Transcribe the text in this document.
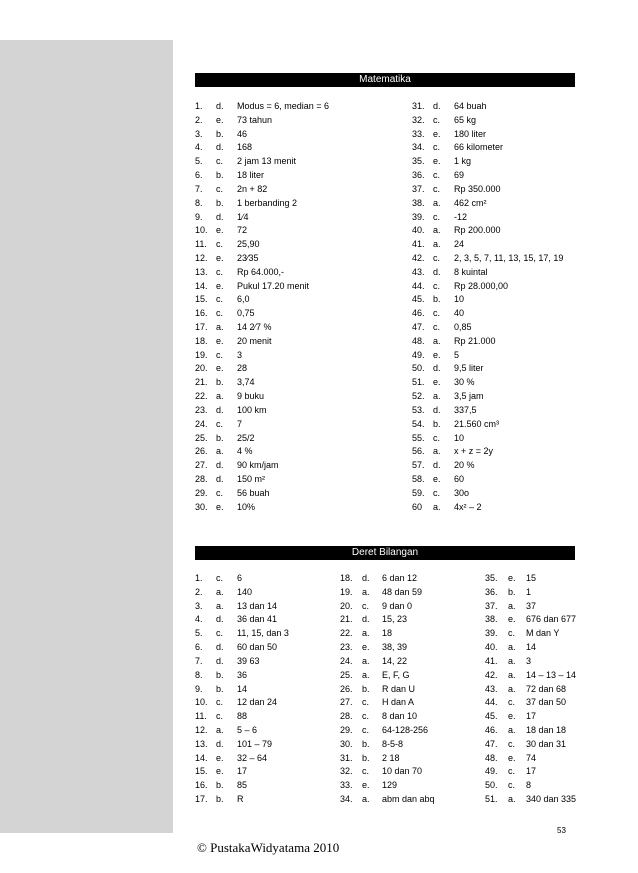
Matematika
1. d. Modus = 6, median = 6
2. e. 73 tahun
3. b. 46
4. d. 168
5. c. 2 jam 13 menit
6. b. 18 liter
7. c. 2n + 82
8. b. 1 berbanding 2
9. d. 1⁄4
10. e. 72
11. c. 25,90
12. e. 23⁄35
13. c. Rp 64.000,-
14. e. Pukul 17.20 menit
15. c. 6,0
16. c. 0,75
17. a. 14 2⁄7 %
18. e. 20 menit
19. c. 3
20. e. 28
21. b. 3,74
22. a. 9 buku
23. d. 100 km
24. c. 7
25. b. 25/2
26. a. 4 %
27. d. 90 km/jam
28. d. 150 m²
29. c. 56 buah
30. e. 10%
31. d. 64 buah
32. c. 65 kg
33. e. 180 liter
34. c. 66 kilometer
35. e. 1 kg
36. c. 69
37. c. Rp 350.000
38. a. 462 cm²
39. c. -12
40. a. Rp 200.000
41. a. 24
42. c. 2, 3, 5, 7, 11, 13, 15, 17, 19
43. d. 8 kuintal
44. c. Rp 28.000,00
45. b. 10
46. c. 40
47. c. 0,85
48. a. Rp 21.000
49. e. 5
50. d. 9,5 liter
51. e. 30 %
52. a. 3,5 jam
53. d. 337,5
54. b. 21.560 cm³
55. c. 10
56. a. x + z = 2y
57. d. 20 %
58. e. 60
59. c. 30o
60 a. 4x² – 2
Deret Bilangan
1. c. 6
2. a. 140
3. a. 13 dan 14
4. d. 36 dan 41
5. c. 11, 15, dan 3
6. d. 60 dan 50
7. d. 39 63
8. b. 36
9. b. 14
10. c. 12 dan 24
11. c. 88
12. a. 5 – 6
13. d. 101 – 79
14. e. 32 – 64
15. e. 17
16. b. 85
17. b. R
18. d. 6 dan 12
19. a. 48 dan 59
20. c. 9 dan 0
21. d. 15, 23
22. a. 18
23. e. 38, 39
24. a. 14, 22
25. a. E, F, G
26. b. R dan U
27. c. H dan A
28. c. 8 dan 10
29. c. 64-128-256
30. b. 8-5-8
31. b. 2 18
32. c. 10 dan 70
33. e. 129
34. a. abm dan abq
35. e. 15
36. b. 1
37. a. 37
38. e. 676 dan 677
39. c. M dan Y
40. a. 14
41. a. 3
42. a. 14 – 13 – 14
43. a. 72 dan 68
44. c. 37 dan 50
45. e. 17
46. a. 18 dan 18
47. c. 30 dan 31
48. e. 74
49. c. 17
50. c. 8
51. a. 340 dan 335
53
© PustakaWidyatama 2010
